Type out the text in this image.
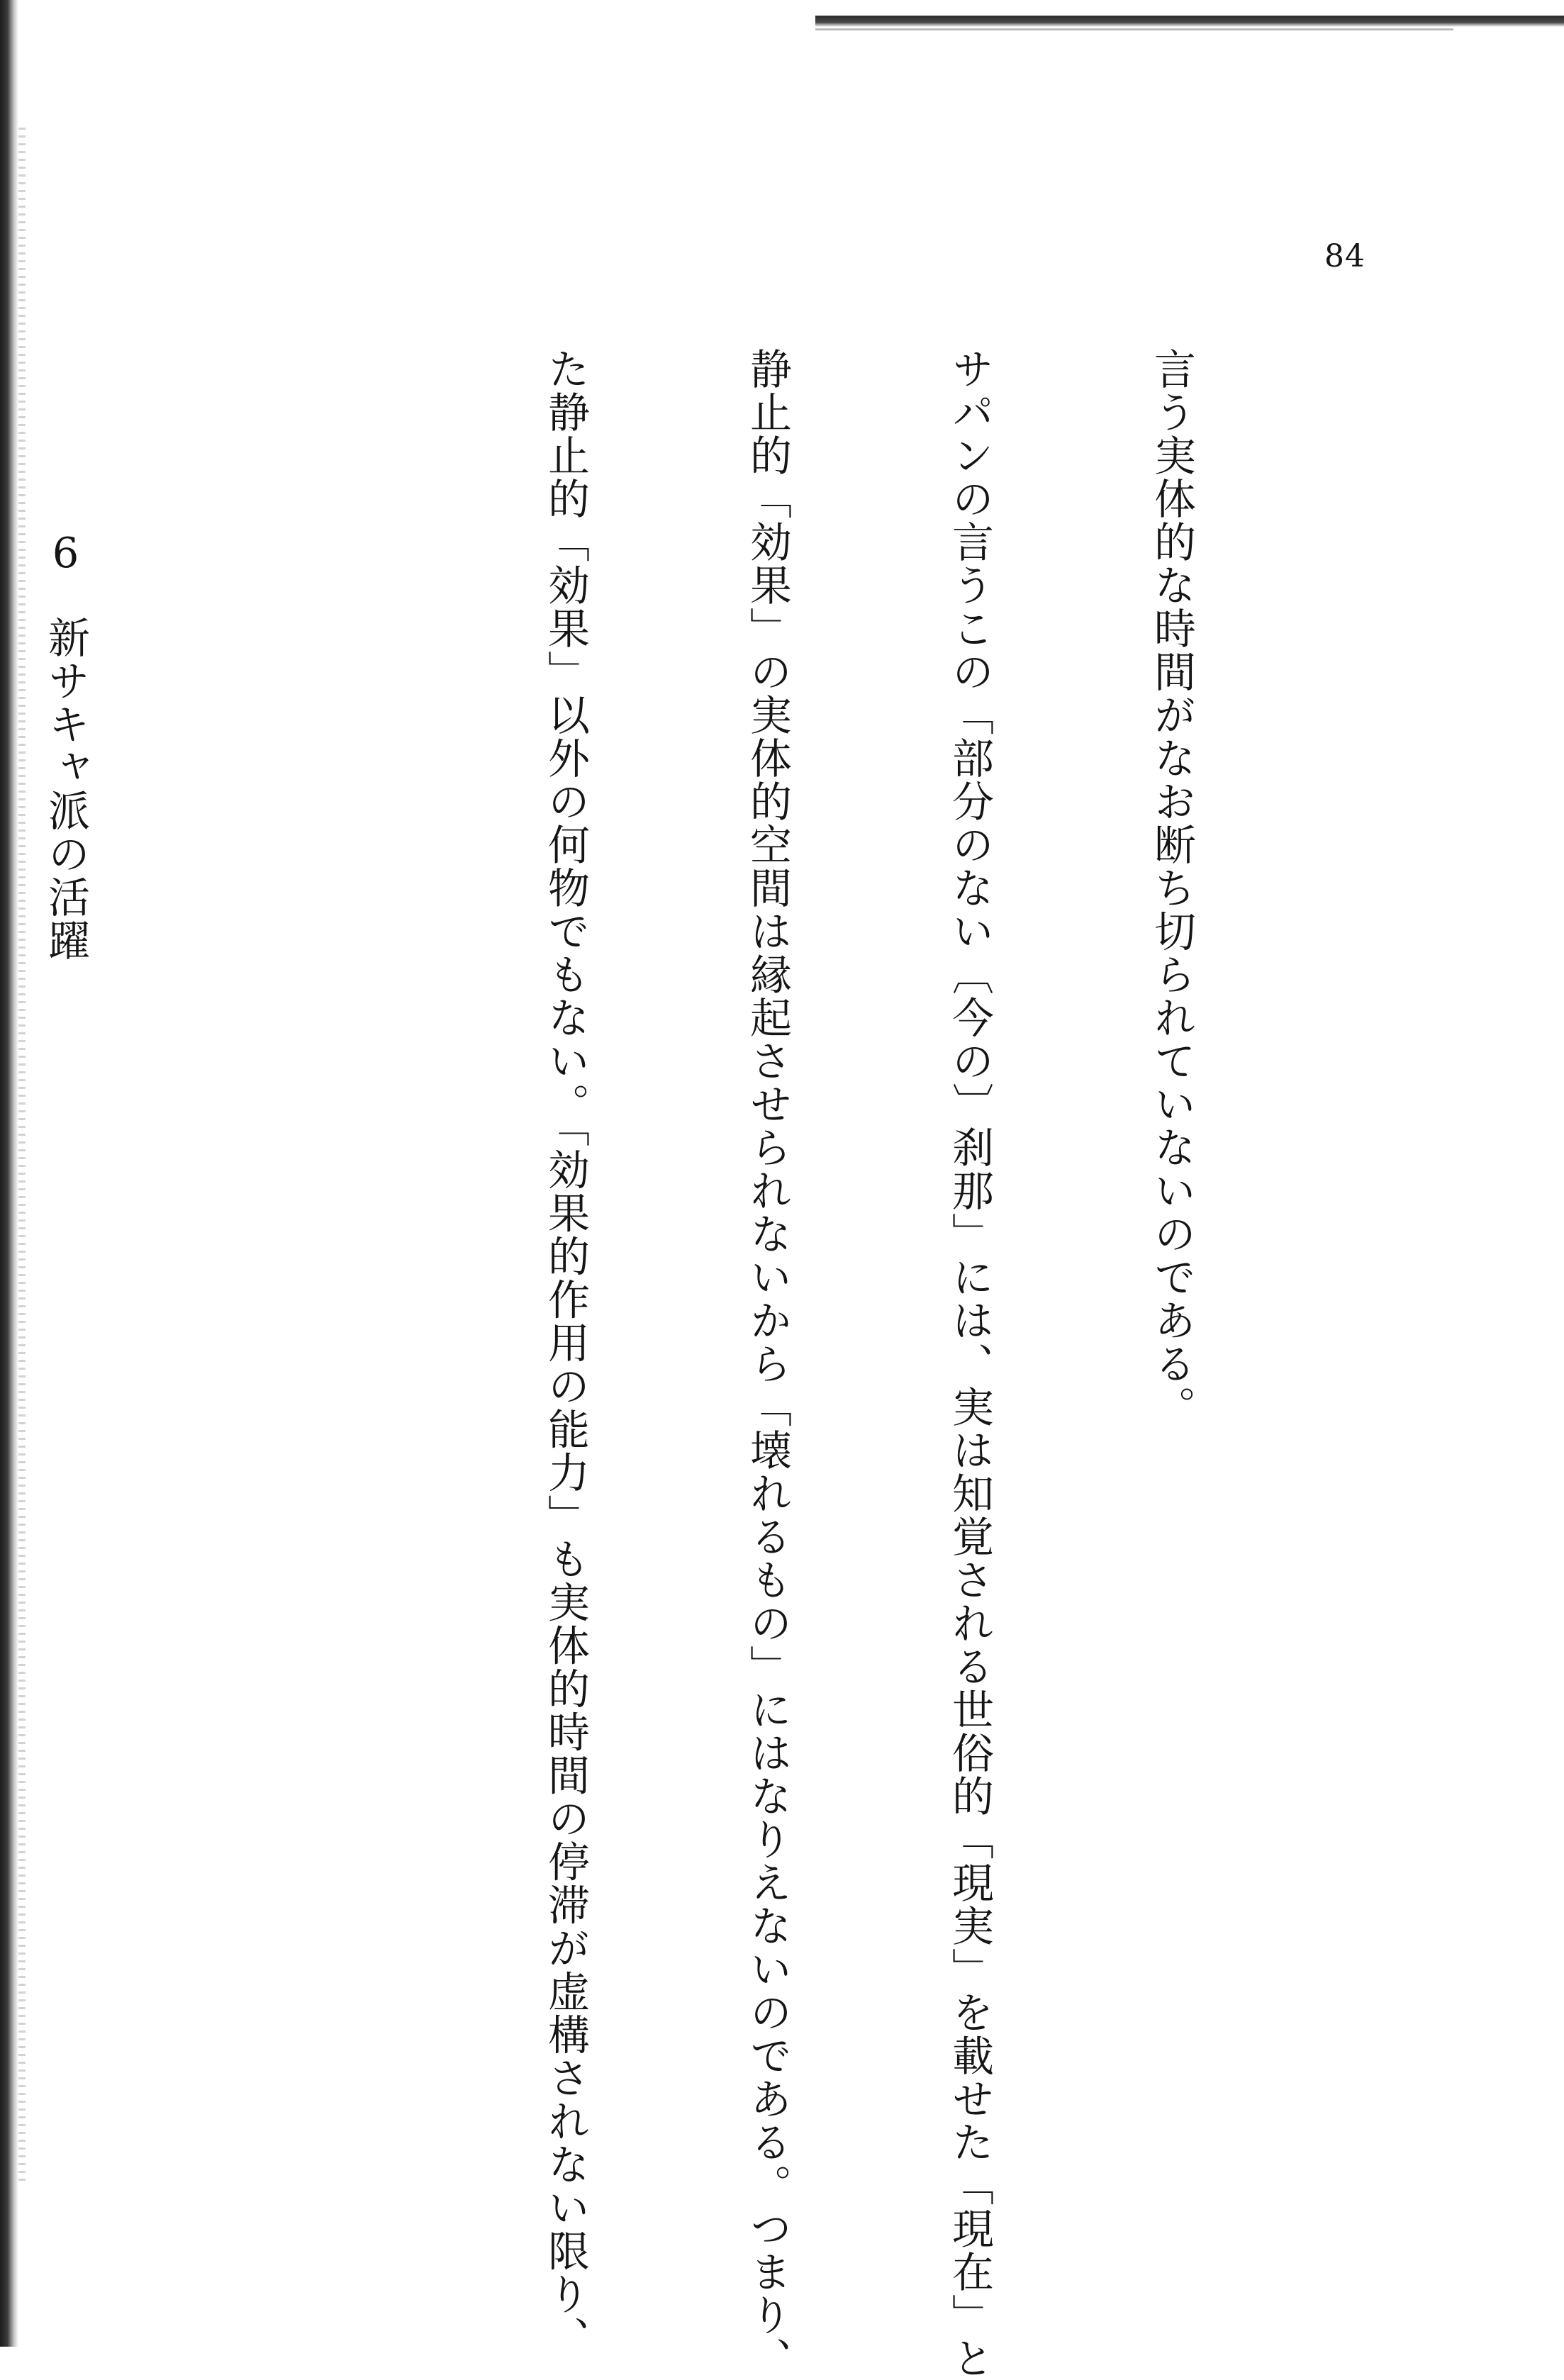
84

言う実体的な時間がなお断ち切られていないのである。

サパンの言うこの「部分のない〔今の〕刹那」には、実は知覚される世俗的「現実」を載せた「現在」と

静止的「効果」の実体的空間は縁起させられないから「壊れるもの」にはなりえないのである。つまり、

た静止的「効果」以外の何物でもない。「効果的作用の能力」も実体的時間の停滞が虚構されない限り、

6新サキャ派の活躍
